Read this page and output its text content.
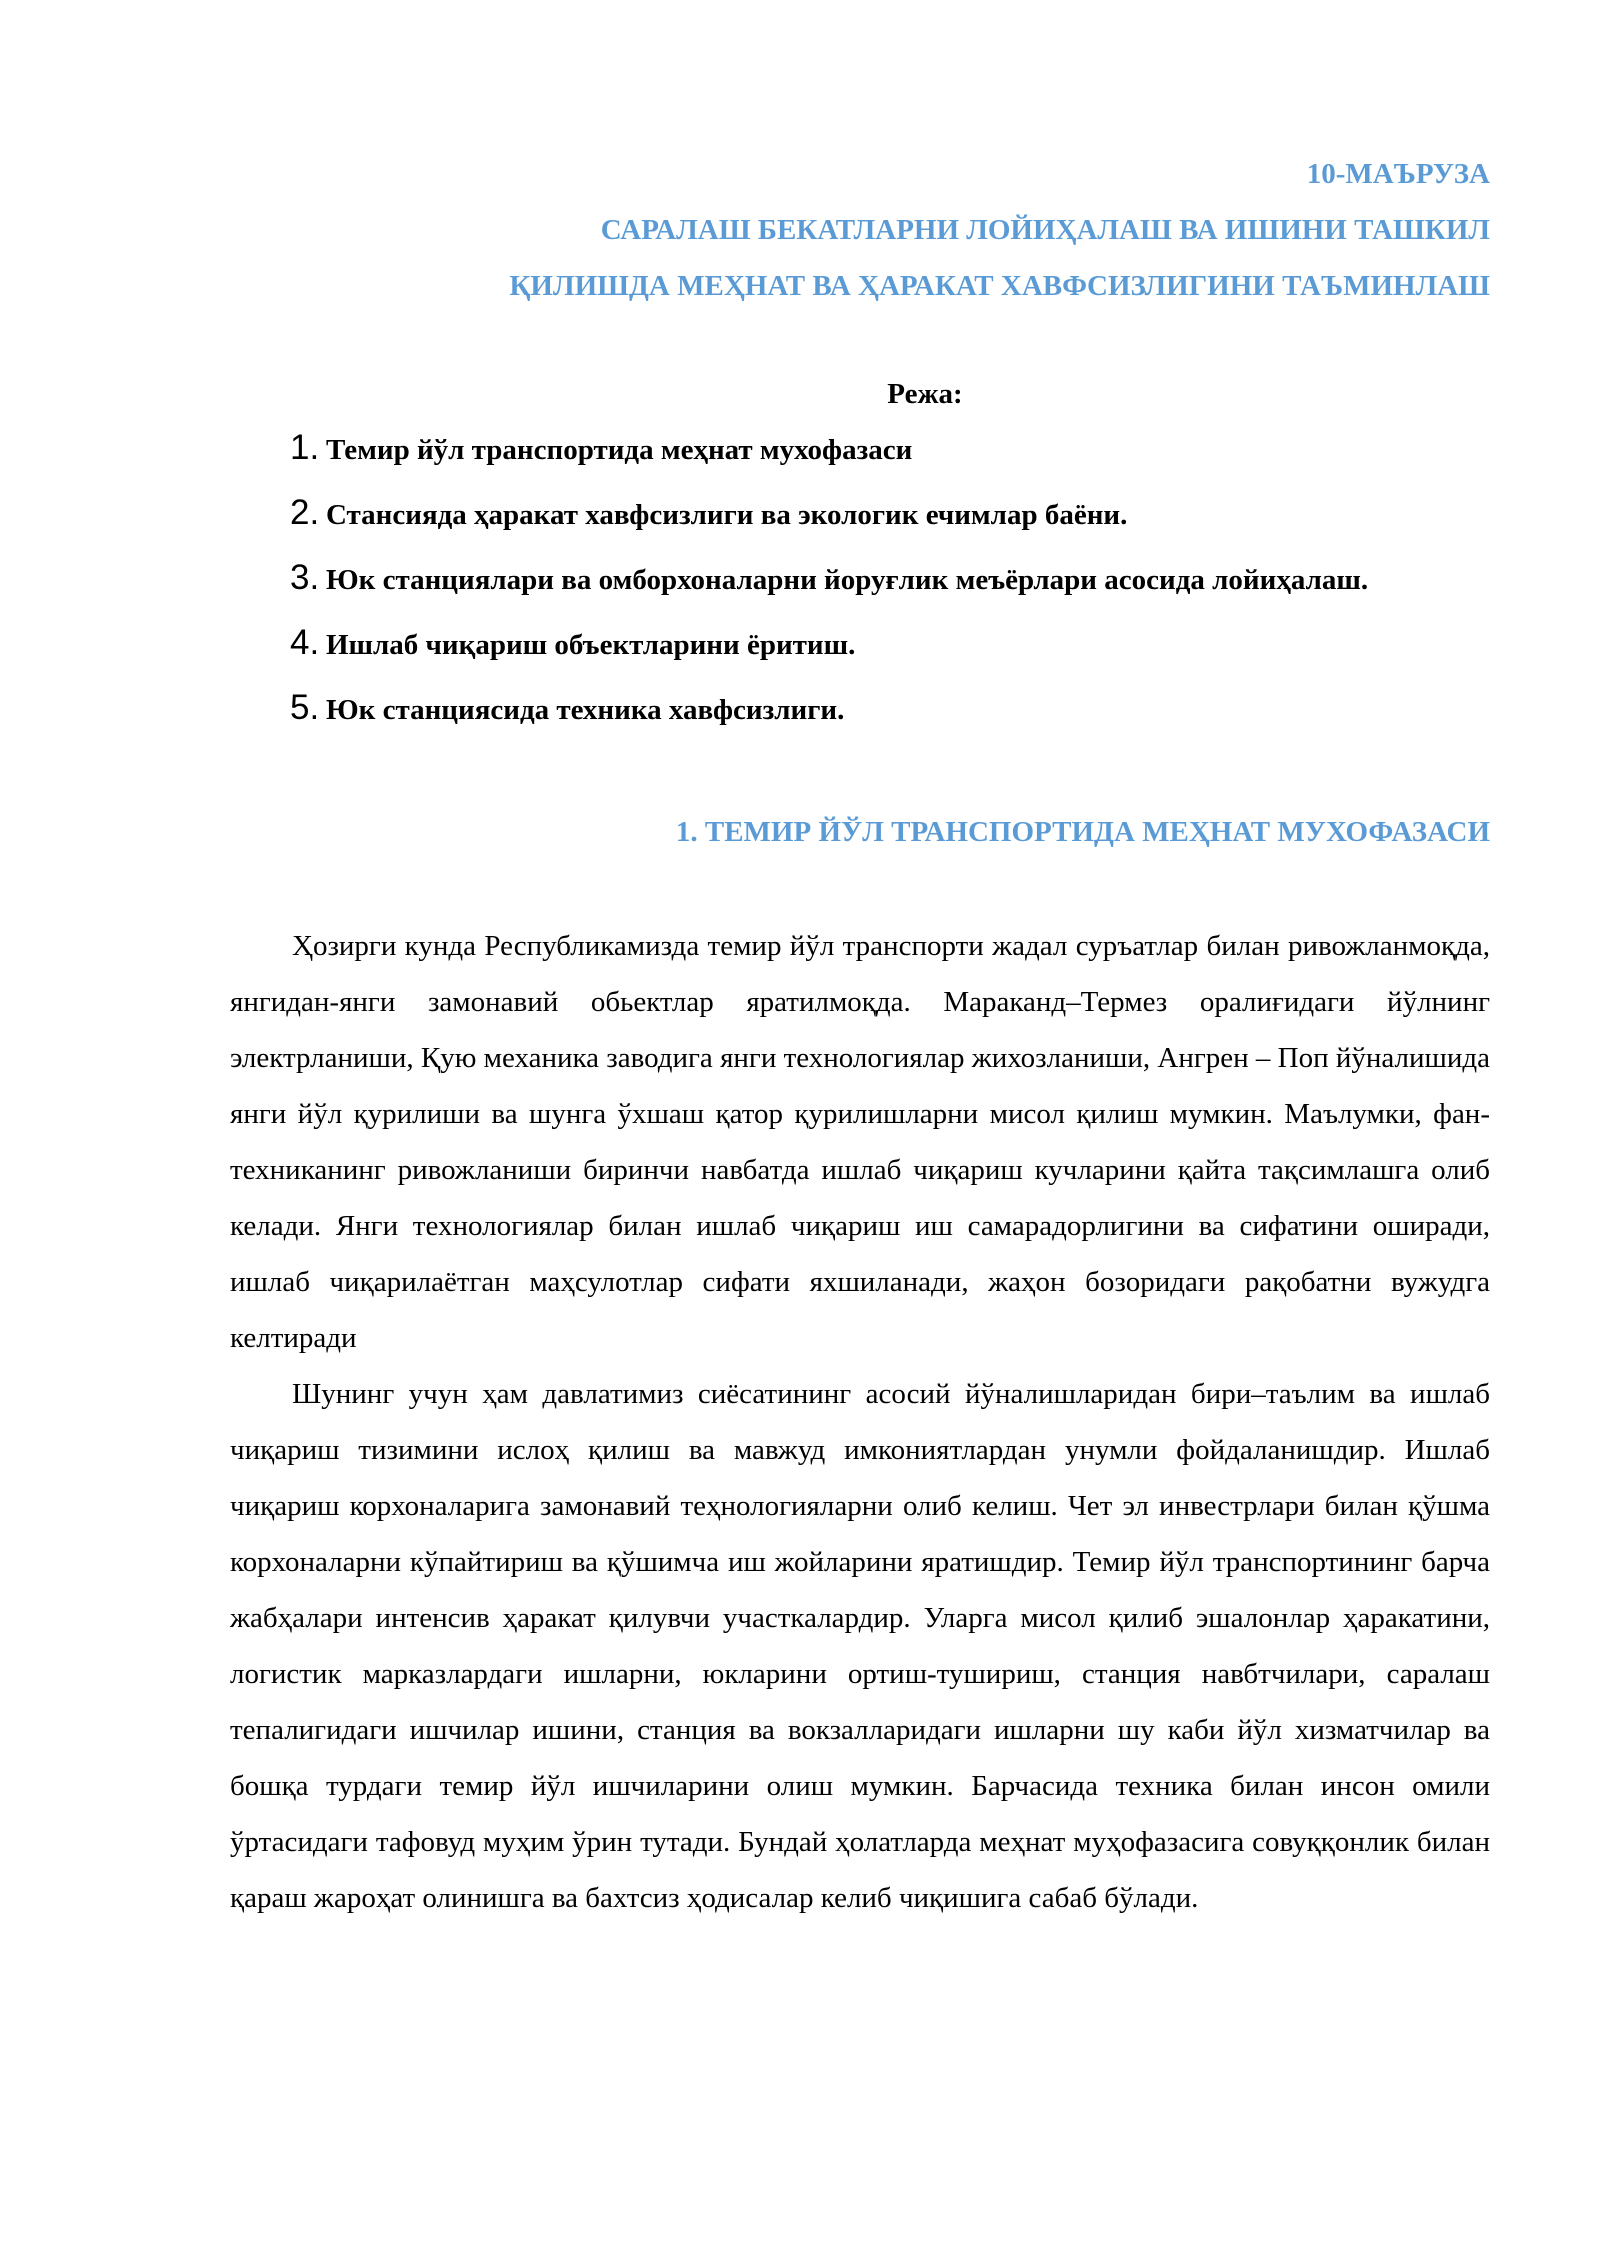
10-МАЪРУЗА
САРАЛАШ БЕКАТЛАРНИ ЛОЙИҲАЛАШ ВА ИШИНИ ТАШКИЛ
ҚИЛИШДА МЕҲНАТ ВА ҲАРАКАТ ХАВФСИЗЛИГИНИ ТАЪМИНЛАШ
Режа:
1. Темир йўл транспортида меҳнат мухофазаси
2. Стансияда ҳаракат хавфсизлиги ва экологик ечимлар баёни.
3. Юк станциялари ва омборхоналарни йоруғлик меъёрлари асосида лойиҳалаш.
4. Ишлаб чиқариш объектларини ёритиш.
5. Юк станциясида техника хавфсизлиги.
1. ТЕМИР ЙЎЛ ТРАНСПОРТИДА МЕҲНАТ МУХОФАЗАСИ

Ҳозирги кунда Республикамизда темир йўл транспорти жадал суръатлар билан ривожланмоқда, янгидан-янги замонавий обьектлар яратилмоқда. Мараканд–Термез оралиғидаги йўлнинг электрланиши, Қую механика заводига янги технологиялар жихозланиши, Ангрен – Поп йўналишида янги йўл қурилиши ва шунга ўхшаш қатор қурилишларни мисол қилиш мумкин. Маълумки, фан-техниканинг ривожланиши биринчи навбатда ишлаб чиқариш кучларини қайта тақсимлашга олиб келади. Янги технологиялар билан ишлаб чиқариш иш самарадорлигини ва сифатини оширади, ишлаб чиқарилаётган маҳсулотлар сифати яхшиланади, жаҳон бозоридаги рақобатни вужудга келтиради

Шунинг учун ҳам давлатимиз сиёсатининг асосий йўналишларидан бири–таълим ва ишлаб чиқариш тизимини ислоҳ қилиш ва мавжуд имкониятлардан унумли фойдаланишдир. Ишлаб чиқариш корхоналарига замонавий теҳнологияларни олиб келиш. Чет эл инвестрлари билан қўшма корхоналарни кўпайтириш ва қўшимча иш жойларини яратишдир. Темир йўл транспортининг барча жабҳалари интенсив ҳаракат қилувчи участкалардир. Уларга мисол қилиб эшалонлар ҳаракатини, логистик марказлардаги ишларни, юкларини ортиш-тушириш, станция навбтчилари, саралаш тепалигидаги ишчилар ишини, станция ва вокзалларидаги ишларни шу каби йўл хизматчилар ва бошқа турдаги темир йўл ишчиларини олиш мумкин. Барчасида техника билан инсон омили ўртасидаги тафовуд муҳим ўрин тутади. Бундай ҳолатларда меҳнат муҳофазасига совуққонлик билан қараш жароҳат олинишга ва бахтсиз ҳодисалар келиб чиқишига сабаб бўлади.
